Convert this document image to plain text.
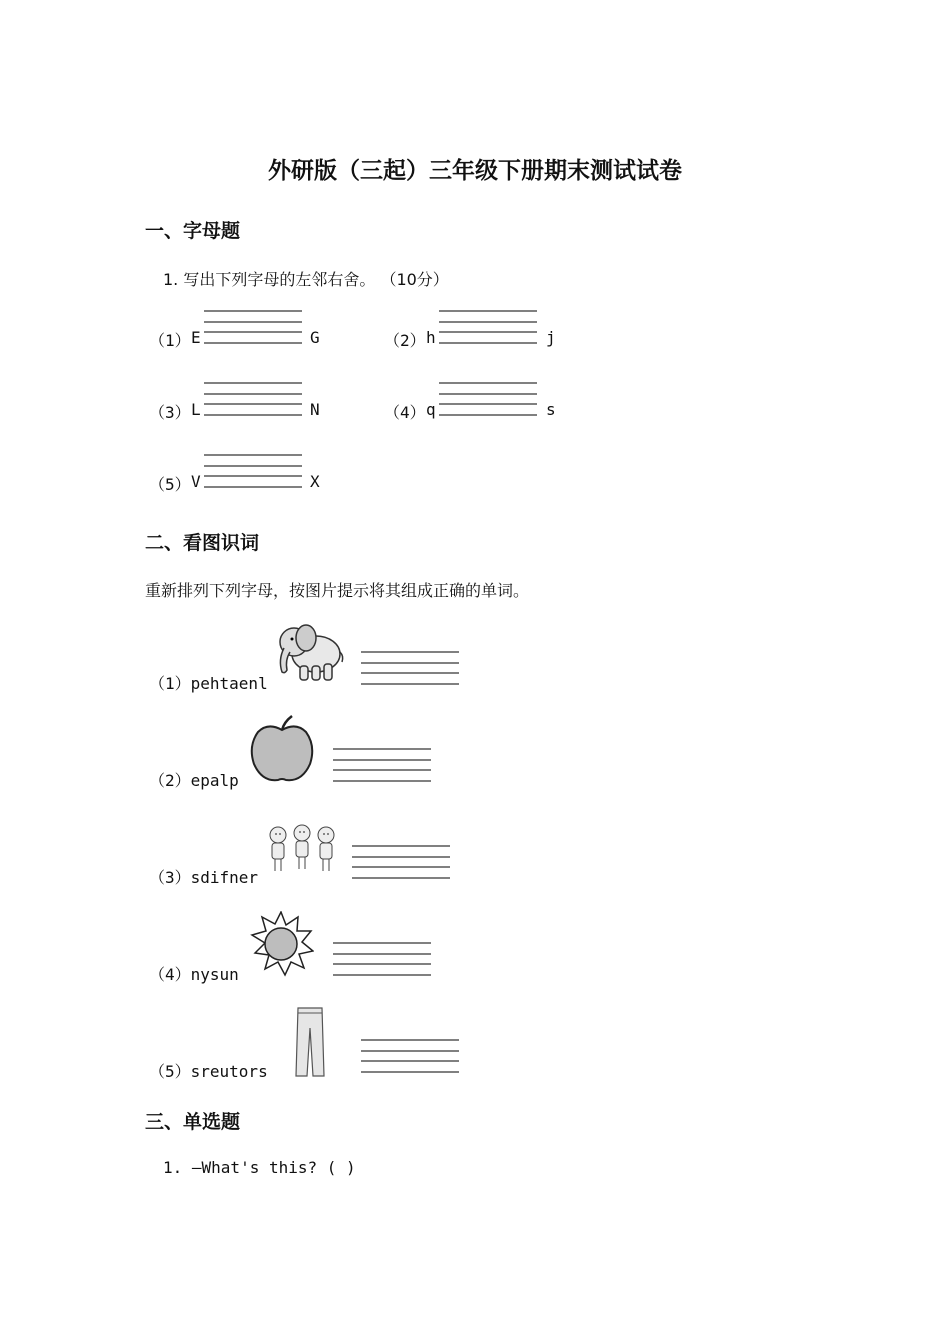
外研版（三起）三年级下册期末测试试卷
一、字母题
1. 写出下列字母的左邻右舍。 （10分）
（1） E	G	（2） h	j
（3） L	N	（4） q	s
（5） V	X
二、看图识词
重新排列下列字母，按图片提示将其组成正确的单词。
（1）pehtaenl
（2）epalp
（3）sdifner
（4）nysun
（5）sreutors
三、单选题
1. —What's this? ( )
